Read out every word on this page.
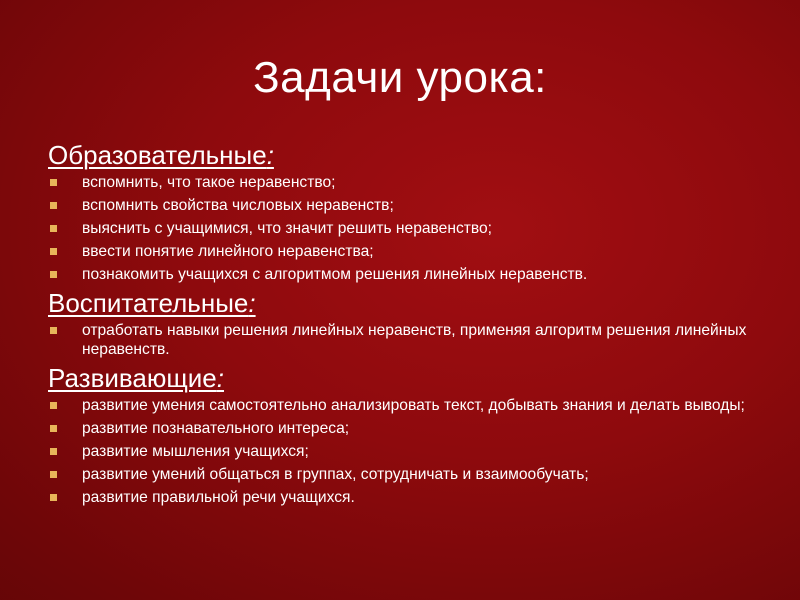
Задачи урока:

Образовательные:

вспомнить, что такое неравенство;
вспомнить свойства числовых неравенств;
выяснить с учащимися, что значит решить неравенство;
ввести понятие линейного неравенства;
познакомить учащихся с алгоритмом решения линейных неравенств.

Воспитательные:

отработать навыки решения линейных неравенств, применяя алгоритм решения линейных неравенств.

Развивающие:

развитие умения самостоятельно анализировать текст, добывать знания и делать выводы;
развитие познавательного интереса;
развитие мышления учащихся;
развитие умений общаться в группах, сотрудничать и взаимообучать;
развитие правильной речи учащихся.
